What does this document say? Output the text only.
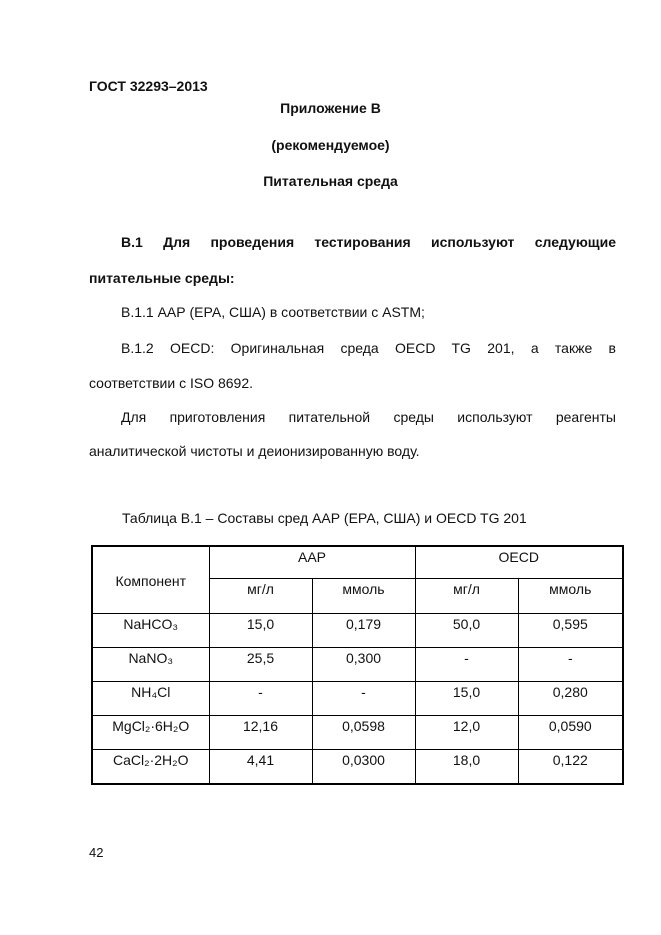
ГОСТ 32293–2013
Приложение В
(рекомендуемое)
Питательная среда
В.1 Для проведения тестирования используют следующие
питательные среды:
В.1.1 ААР (ЕРА, США) в соответствии с ASTM;
В.1.2 OECD: Оригинальная среда OECD TG 201, а также в
соответствии с ISO 8692.
Для приготовления питательной среды используют реагенты
аналитической чистоты и деионизированную воду.
Таблица В.1 – Составы сред ААР (ЕРА, США) и OECD TG 201
Компонент	ААР		OECD	
	мг/л	ммоль	мг/л	ммоль
NaHCO₃	15,0	0,179	50,0	0,595
NaNO₃	25,5	0,300	-	-
NH₄Cl	-	-	15,0	0,280
MgCl₂·6H₂O	12,16	0,0598	12,0	0,0590
CaCl₂·2H₂O	4,41	0,0300	18,0	0,122
42
